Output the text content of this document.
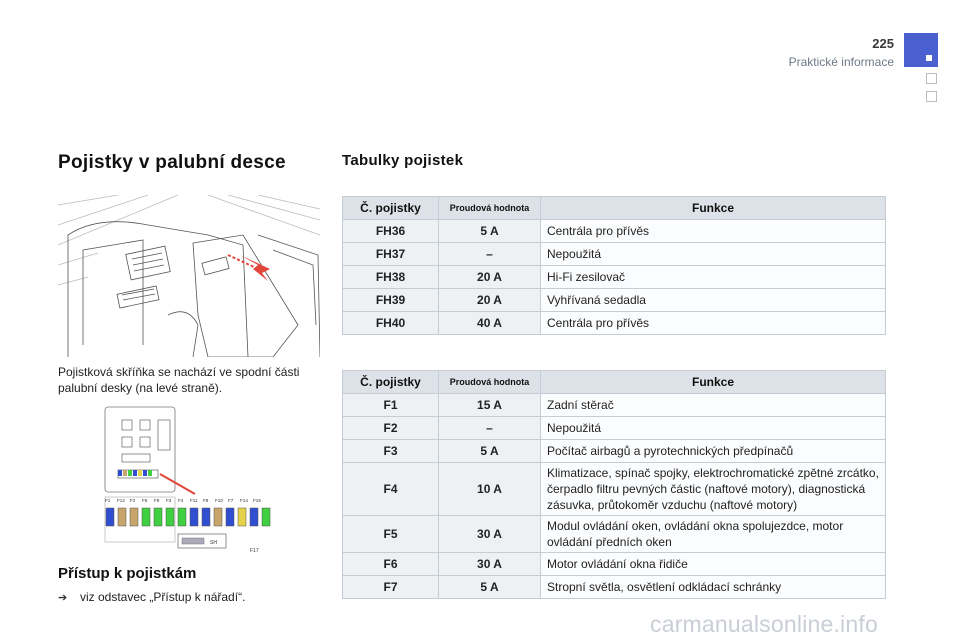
225
Praktické informace
Pojistky v palubní desce
Pojistková skříňka se nachází ve spodní části palubní desky (na levé straně).
F1 F12 F2 F6 F9 F3 F4 F11 F8 F10 F7 F14 F15
SH
F17
Přístup k pojistkám
➔ viz odstavec „Přístup k nářadí“.
Tabulky pojistek
Č. pojistky	Proudová hodnota	Funkce
FH36	5 A	Centrála pro přívěs
FH37	–	Nepoužitá
FH38	20 A	Hi-Fi zesilovač
FH39	20 A	Vyhřívaná sedadla
FH40	40 A	Centrála pro přívěs
Č. pojistky	Proudová hodnota	Funkce
F1	15 A	Zadní stěrač
F2	–	Nepoužitá
F3	5 A	Počítač airbagů a pyrotechnických předpínačů
F4	10 A	Klimatizace, spínač spojky, elektrochromatické zpětné zrcátko, čerpadlo filtru pevných částic (naftové motory), diagnostická zásuvka, průtokoměr vzduchu (naftové motory)
F5	30 A	Modul ovládání oken, ovládání okna spolujezdce, motor ovládání předních oken
F6	30 A	Motor ovládání okna řidiče
F7	5 A	Stropní světla, osvětlení odkládací schránky
carmanualsonline.info
